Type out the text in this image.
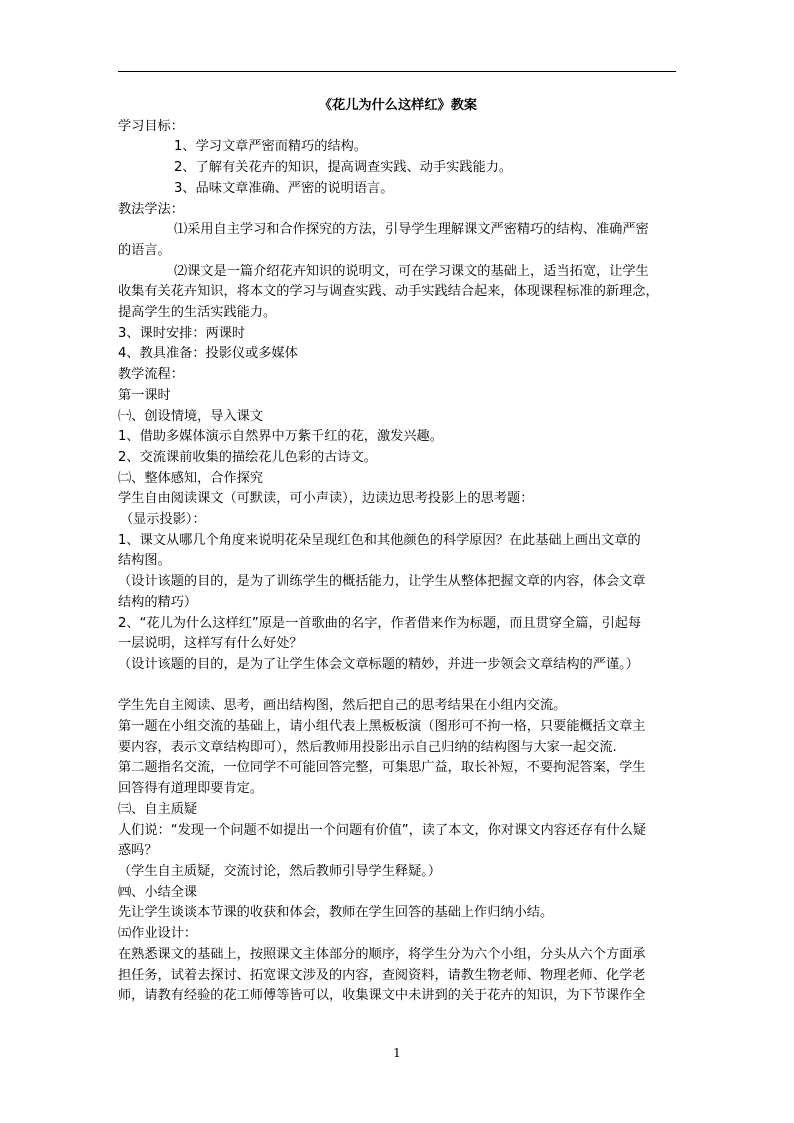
《花儿为什么这样红》教案

学习目标：

1、学习文章严密而精巧的结构。

2、了解有关花卉的知识，提高调查实践、动手实践能力。

3、品味文章准确、严密的说明语言。

教法学法：

⑴采用自主学习和合作探究的方法，引导学生理解课文严密精巧的结构、准确严密

的语言。

⑵课文是一篇介绍花卉知识的说明文，可在学习课文的基础上，适当拓宽，让学生

收集有关花卉知识，将本文的学习与调查实践、动手实践结合起来，体现课程标准的新理念，

提高学生的生活实践能力。

3、课时安排：两课时

4、教具准备：投影仪或多媒体

教学流程：

第一课时

㈠、创设情境，导入课文

1、借助多媒体演示自然界中万紫千红的花，激发兴趣。

2、交流课前收集的描绘花儿色彩的古诗文。

㈡、整体感知，合作探究

学生自由阅读课文（可默读，可小声读），边读边思考投影上的思考题：

（显示投影）：

1、课文从哪几个角度来说明花朵呈现红色和其他颜色的科学原因？在此基础上画出文章的

结构图。

（设计该题的目的，是为了训练学生的概括能力，让学生从整体把握文章的内容，体会文章

结构的精巧）

2、“花儿为什么这样红”原是一首歌曲的名字，作者借来作为标题，而且贯穿全篇，引起每

一层说明，这样写有什么好处？

（设计该题的目的，是为了让学生体会文章标题的精妙，并进一步领会文章结构的严谨。）

学生先自主阅读、思考，画出结构图，然后把自己的思考结果在小组内交流。

第一题在小组交流的基础上，请小组代表上黑板板演（图形可不拘一格，只要能概括文章主

要内容，表示文章结构即可），然后教师用投影出示自己归纳的结构图与大家一起交流.

第二题指名交流，一位同学不可能回答完整，可集思广益，取长补短，不要拘泥答案，学生

回答得有道理即要肯定。

㈢、自主质疑

人们说：“发现一个问题不如提出一个问题有价值”，读了本文，你对课文内容还存有什么疑

惑吗？

（学生自主质疑，交流讨论，然后教师引导学生释疑。）

㈣、小结全课

先让学生谈谈本节课的收获和体会，教师在学生回答的基础上作归纳小结。

㈤作业设计：

在熟悉课文的基础上，按照课文主体部分的顺序，将学生分为六个小组，分头从六个方面承

担任务，试着去探讨、拓宽课文涉及的内容，查阅资料，请教生物老师、物理老师、化学老

师，请教有经验的花工师傅等皆可以，收集课文中未讲到的关于花卉的知识，为下节课作全

1
